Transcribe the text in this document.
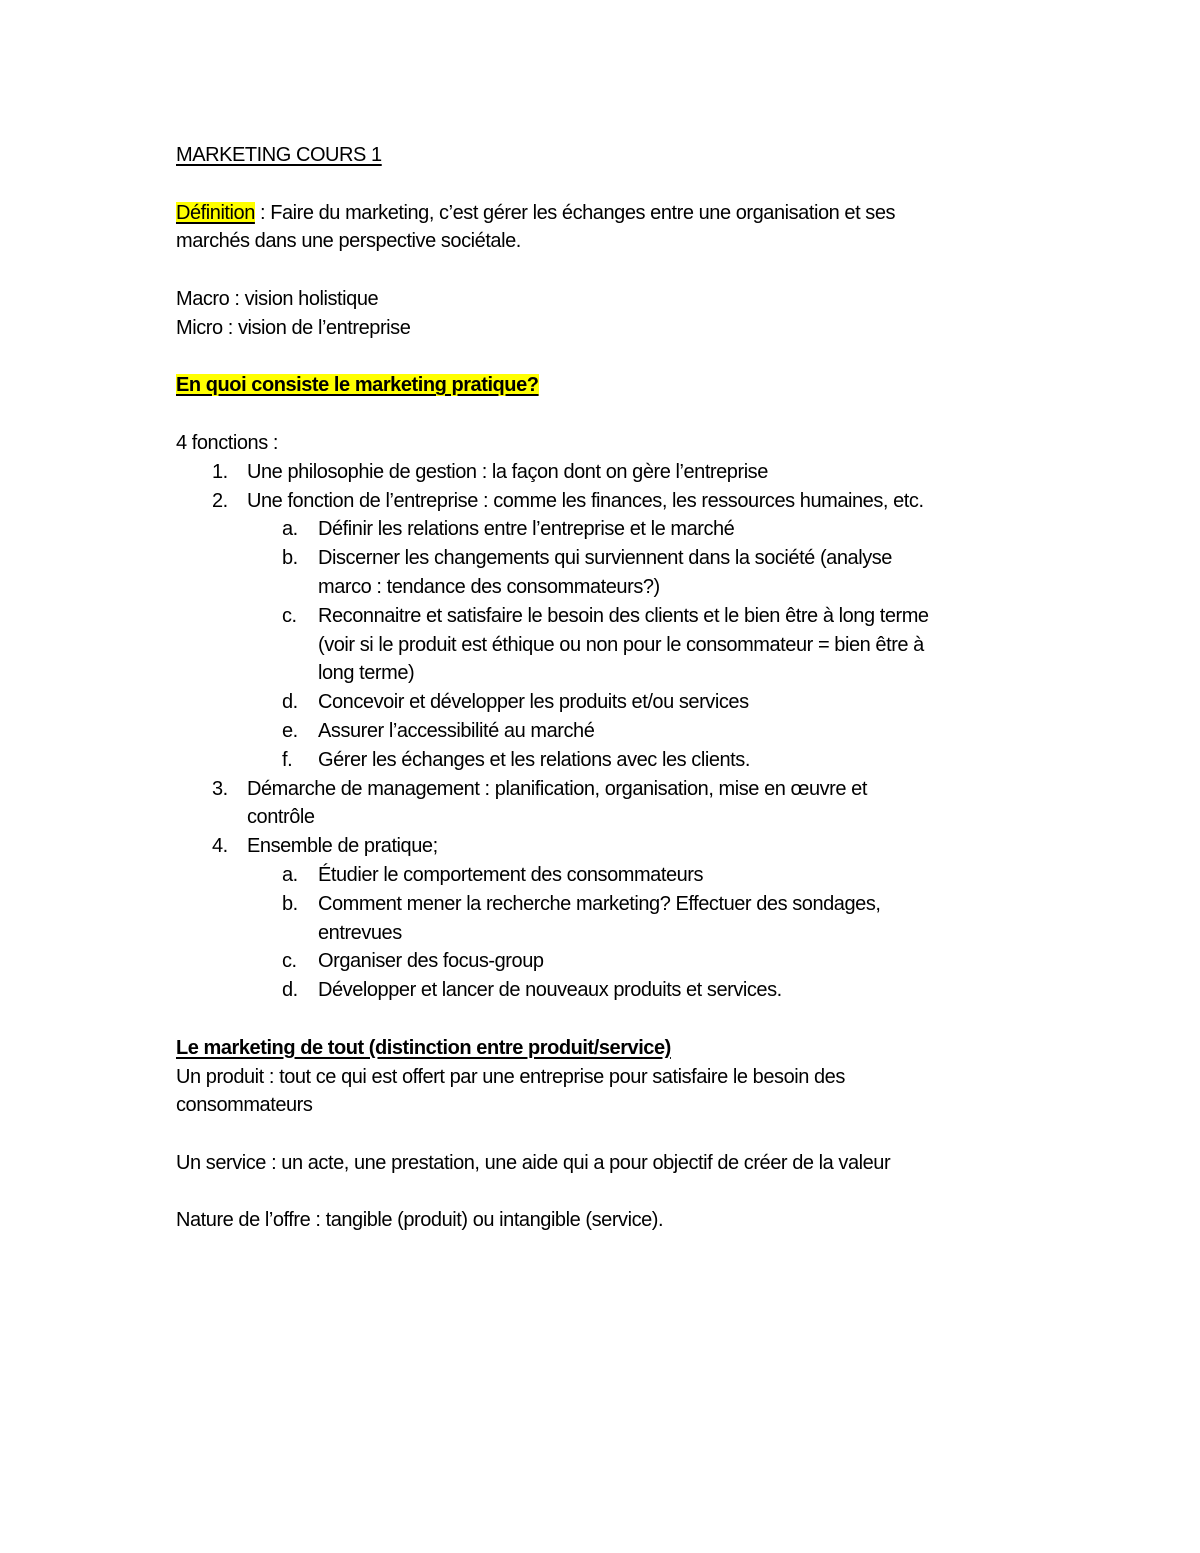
MARKETING COURS 1

Définition : Faire du marketing, c’est gérer les échanges entre une organisation et ses

marchés dans une perspective sociétale.

Macro : vision holistique

Micro : vision de l’entreprise

En quoi consiste le marketing pratique?

4 fonctions :

1. Une philosophie de gestion : la façon dont on gère l’entreprise

2. Une fonction de l’entreprise : comme les finances, les ressources humaines, etc.

a. Définir les relations entre l’entreprise et le marché

b. Discerner les changements qui surviennent dans la société (analyse

marco : tendance des consommateurs?)

c. Reconnaitre et satisfaire le besoin des clients et le bien être à long terme

(voir si le produit est éthique ou non pour le consommateur = bien être à

long terme)

d. Concevoir et développer les produits et/ou services

e. Assurer l’accessibilité au marché

f. Gérer les échanges et les relations avec les clients.

3. Démarche de management : planification, organisation, mise en œuvre et

contrôle

4. Ensemble de pratique;

a. Étudier le comportement des consommateurs

b. Comment mener la recherche marketing? Effectuer des sondages,

entrevues

c. Organiser des focus-group

d. Développer et lancer de nouveaux produits et services.

Le marketing de tout (distinction entre produit/service)

Un produit : tout ce qui est offert par une entreprise pour satisfaire le besoin des

consommateurs

Un service : un acte, une prestation, une aide qui a pour objectif de créer de la valeur

Nature de l’offre : tangible (produit) ou intangible (service).
